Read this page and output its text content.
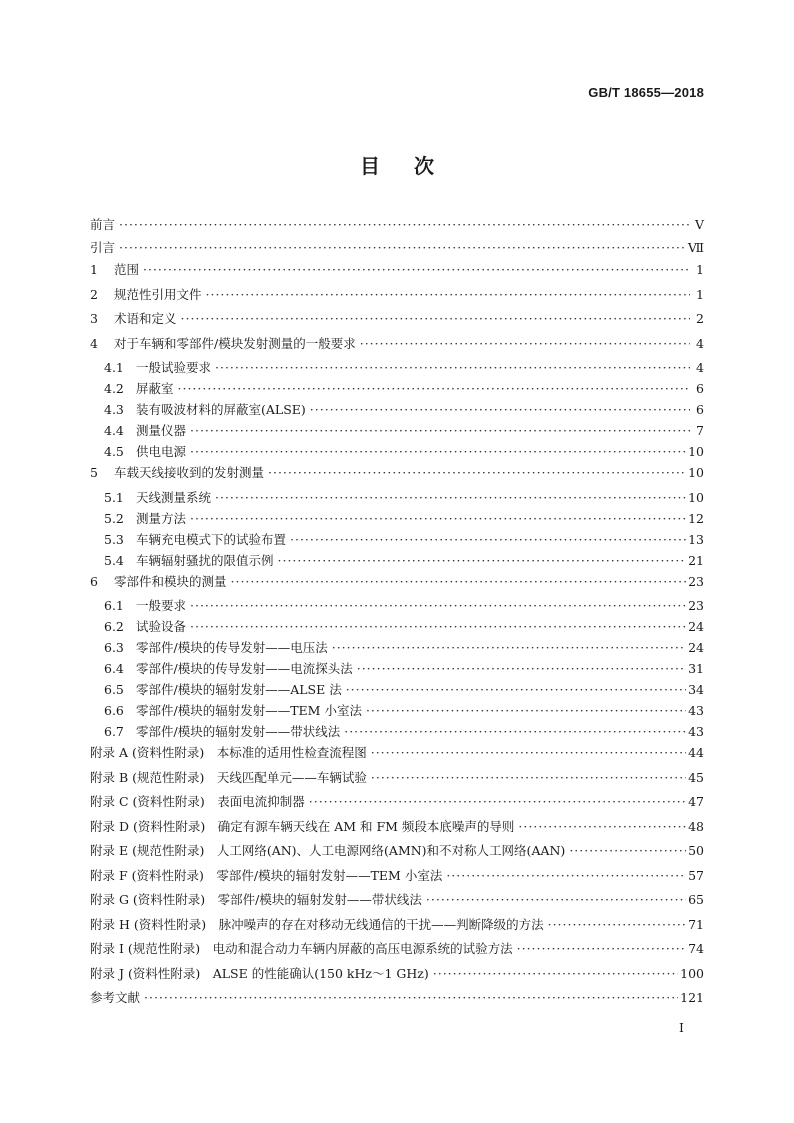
GB/T 18655—2018
目次
前言 ·····	V
引言 ·····	Ⅶ
1 范围 ·····	1
2 规范性引用文件 ·····	1
3 术语和定义 ·····	2
4 对于车辆和零部件/模块发射测量的一般要求 ·····	4
4.1 一般试验要求 ·····	4
4.2 屏蔽室 ·····	6
4.3 装有吸波材料的屏蔽室(ALSE) ·····	6
4.4 测量仪器 ·····	7
4.5 供电电源 ·····	10
5 车载天线接收到的发射测量 ·····	10
5.1 天线测量系统 ·····	10
5.2 测量方法 ·····	12
5.3 车辆充电模式下的试验布置 ·····	13
5.4 车辆辐射骚扰的限值示例 ·····	21
6 零部件和模块的测量 ·····	23
6.1 一般要求 ·····	23
6.2 试验设备 ·····	24
6.3 零部件/模块的传导发射——电压法 ·····	24
6.4 零部件/模块的传导发射——电流探头法 ·····	31
6.5 零部件/模块的辐射发射——ALSE 法 ·····	34
6.6 零部件/模块的辐射发射——TEM 小室法 ·····	43
6.7 零部件/模块的辐射发射——带状线法 ·····	43
附录 A (资料性附录)　本标准的适用性检查流程图 ·····	44
附录 B (规范性附录)　天线匹配单元——车辆试验 ·····	45
附录 C (资料性附录)　表面电流抑制器 ·····	47
附录 D (资料性附录)　确定有源车辆天线在 AM 和 FM 频段本底噪声的导则 ·····	48
附录 E (规范性附录)　人工网络(AN)、人工电源网络(AMN)和不对称人工网络(AAN) ·····	50
附录 F (资料性附录)　零部件/模块的辐射发射——TEM 小室法 ·····	57
附录 G (资料性附录)　零部件/模块的辐射发射——带状线法 ·····	65
附录 H (资料性附录)　脉冲噪声的存在对移动无线通信的干扰——判断降级的方法 ·····	71
附录 I (规范性附录)　电动和混合动力车辆内屏蔽的高压电源系统的试验方法 ·····	74
附录 J (资料性附录)　ALSE 的性能确认(150 kHz～1 GHz) ·····	100
参考文献 ·····	121
I
